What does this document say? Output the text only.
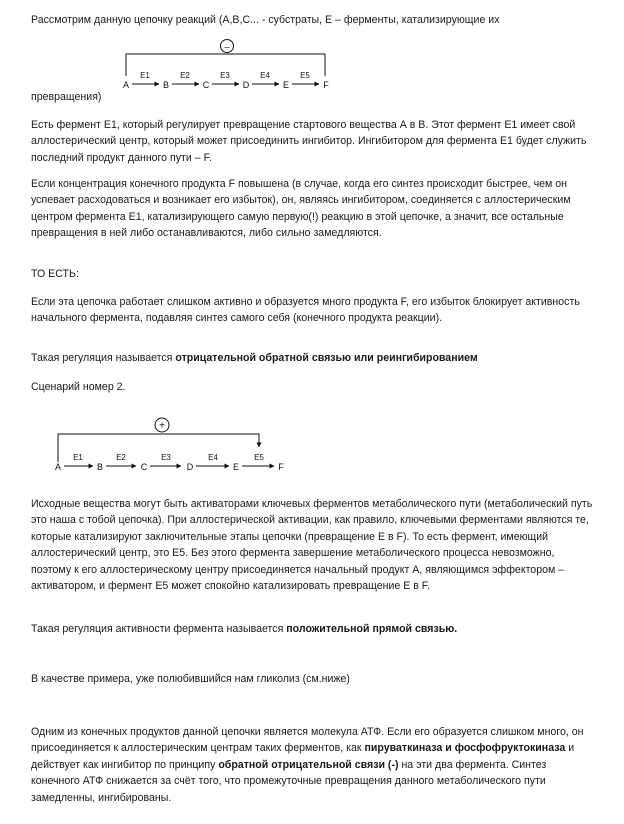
Рассмотрим данную цепочку реакций (А,В,С... - субстраты, Е – ферменты, катализирующие их

–
A
E1
B
E2
C
E3
D
E4
E
E5
F

превращения)

Есть фермент Е1, который регулирует превращение стартового вещества А в В. Этот фермент Е1 имеет свой аллостерический центр, который может присоединить ингибитор. Ингибитором для фермента Е1 будет служить последний продукт данного пути – F.

Если концентрация конечного продукта F повышена (в случае, когда его синтез происходит быстрее, чем он успевает расходоваться и возникает его избыток), он, являясь ингибитором, соединяется с аллостерическим центром фермента Е1, катализирующего самую первую(!) реакцию в этой цепочке, а значит, все остальные превращения в ней либо останавливаются, либо сильно замедляются.

ТО ЕСТЬ:

Если эта цепочка работает слишком активно и образуется много продукта F, его избыток блокирует активность начального фермента, подавляя синтез самого себя (конечного продукта реакции).

Такая регуляция называется отрицательной обратной связью или реингибированием

Сценарий номер 2.

+
A
E1
B
E2
C
E3
D
E4
E
E5
F

Исходные вещества могут быть активаторами ключевых ферментов метаболического пути (метаболический путь это наша с тобой цепочка). При аллостерической активации, как правило, ключевыми ферментами являются те, которые катализируют заключительные этапы цепочки (превращение Е в F). То есть фермент, имеющий аллостерический центр, это Е5. Без этого фермента завершение метаболического процесса невозможно, поэтому к его аллостерическому центру присоединяется начальный продукт А, являющимся эффектором – активатором, и фермент Е5 может спокойно катализировать превращение Е в F.

Такая регуляция активности фермента называется положительной прямой связью.

В качестве примера, уже полюбившийся нам гликолиз (см.ниже)

Одним из конечных продуктов данной цепочки является молекула АТФ. Если его образуется слишком много, он присоединяется к аллостерическим центрам таких ферментов, как пируваткиназа и фосфофруктокиназа и действует как ингибитор по принципу обратной отрицательной связи (-) на эти два фермента. Синтез конечного АТФ снижается за счёт того, что промежуточные превращения данного метаболического пути замедленны, ингибированы.
